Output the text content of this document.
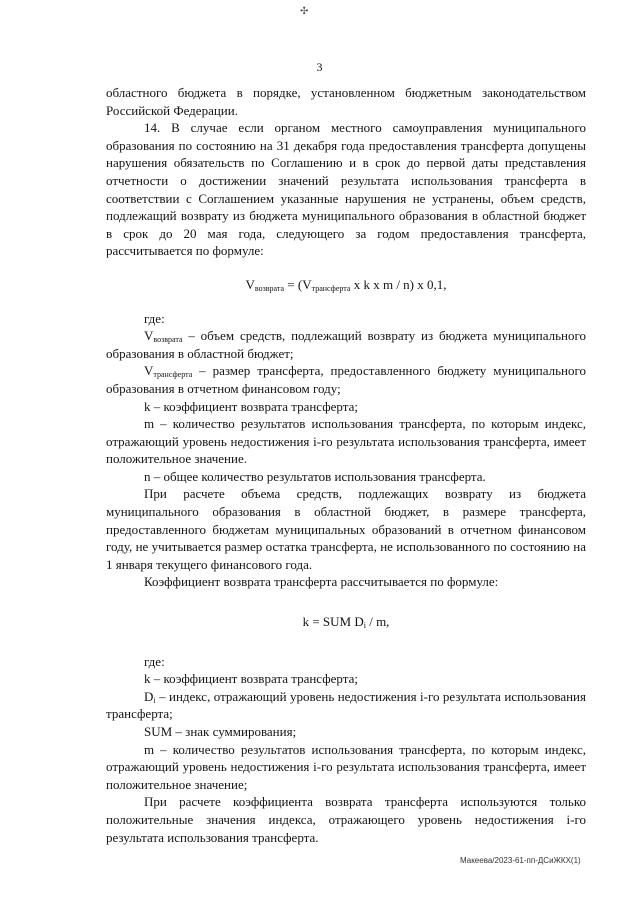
✣
3

областного бюджета в порядке, установленном бюджетным законодательством Российской Федерации.

14. В случае если органом местного самоуправления муниципального образования по состоянию на 31 декабря года предоставления трансферта допущены нарушения обязательств по Соглашению и в срок до первой даты представления отчетности о достижении значений результата использования трансферта в соответствии с Соглашением указанные нарушения не устранены, объем средств, подлежащий возврату из бюджета муниципального образования в областной бюджет в срок до 20 мая года, следующего за годом предоставления трансферта, рассчитывается по формуле:

$V_{возврата} = (V_{трансферта}$ x k x m / n) x 0,1,

где:

$V_{возврата}$ – объем средств, подлежащий возврату из бюджета муниципального образования в областной бюджет;

$V_{трансферта}$ – размер трансферта, предоставленного бюджету муниципального образования в отчетном финансовом году;

k – коэффициент возврата трансферта;

m – количество результатов использования трансферта, по которым индекс, отражающий уровень недостижения i-го результата использования трансферта, имеет положительное значение.

n – общее количество результатов использования трансферта.

При расчете объема средств, подлежащих возврату из бюджета муниципального образования в областной бюджет, в размере трансферта, предоставленного бюджетам муниципальных образований в отчетном финансовом году, не учитывается размер остатка трансферта, не использованного по состоянию на 1 января текущего финансового года.

Коэффициент возврата трансферта рассчитывается по формуле:

k = SUM $D_i$ / m,

где:

k – коэффициент возврата трансферта;

$D_i$ – индекс, отражающий уровень недостижения i-го результата использования трансферта;

SUM – знак суммирования;

m – количество результатов использования трансферта, по которым индекс, отражающий уровень недостижения i-го результата использования трансферта, имеет положительное значение;

При расчете коэффициента возврата трансферта используются только положительные значения индекса, отражающего уровень недостижения i-го результата использования трансферта.

Макеева/2023-61-пп-ДСиЖКХ(1)
